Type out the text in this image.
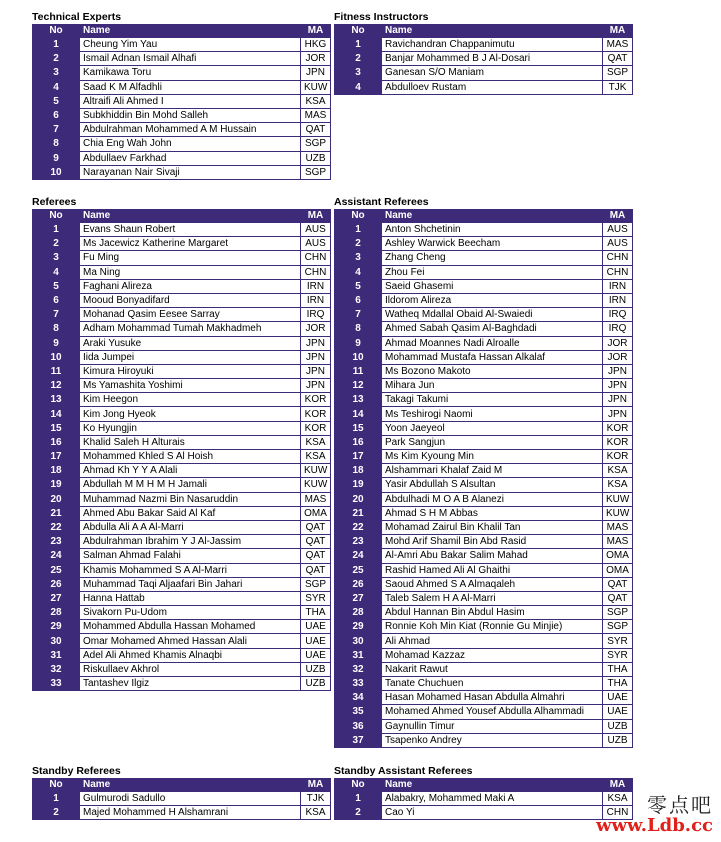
Technical Experts
No	Name	MA
1	Cheung Yim Yau	HKG
2	Ismail Adnan Ismail Alhafi	JOR
3	Kamikawa Toru	JPN
4	Saad K M Alfadhli	KUW
5	Altraifi Ali Ahmed I	KSA
6	Subkhiddin Bin Mohd Salleh	MAS
7	Abdulrahman Mohammed A M Hussain	QAT
8	Chia Eng Wah John	SGP
9	Abdullaev Farkhad	UZB
10	Narayanan Nair Sivaji	SGP
Fitness Instructors
No	Name	MA
1	Ravichandran Chappanimutu	MAS
2	Banjar Mohammed B J Al-Dosari	QAT
3	Ganesan S/O Maniam	SGP
4	Abdulloev Rustam	TJK
Referees
No	Name	MA
1	Evans Shaun Robert	AUS
2	Ms Jacewicz Katherine Margaret	AUS
3	Fu Ming	CHN
4	Ma Ning	CHN
5	Faghani Alireza	IRN
6	Mooud Bonyadifard	IRN
7	Mohanad Qasim Eesee Sarray	IRQ
8	Adham Mohammad Tumah Makhadmeh	JOR
9	Araki Yusuke	JPN
10	Iida Jumpei	JPN
11	Kimura Hiroyuki	JPN
12	Ms Yamashita Yoshimi	JPN
13	Kim Heegon	KOR
14	Kim Jong Hyeok	KOR
15	Ko Hyungjin	KOR
16	Khalid Saleh H Alturais	KSA
17	Mohammed Khled S Al Hoish	KSA
18	Ahmad Kh Y Y A Alali	KUW
19	Abdullah M M H M H Jamali	KUW
20	Muhammad Nazmi Bin Nasaruddin	MAS
21	Ahmed Abu Bakar Said Al Kaf	OMA
22	Abdulla Ali A A Al-Marri	QAT
23	Abdulrahman Ibrahim Y J Al-Jassim	QAT
24	Salman Ahmad Falahi	QAT
25	Khamis Mohammed S A Al-Marri	QAT
26	Muhammad Taqi Aljaafari Bin Jahari	SGP
27	Hanna Hattab	SYR
28	Sivakorn Pu-Udom	THA
29	Mohammed Abdulla Hassan Mohamed	UAE
30	Omar Mohamed Ahmed Hassan Alali	UAE
31	Adel Ali Ahmed Khamis Alnaqbi	UAE
32	Riskullaev Akhrol	UZB
33	Tantashev Ilgiz	UZB
Assistant Referees
No	Name	MA
1	Anton Shchetinin	AUS
2	Ashley Warwick Beecham	AUS
3	Zhang Cheng	CHN
4	Zhou Fei	CHN
5	Saeid Ghasemi	IRN
6	Ildorom Alireza	IRN
7	Watheq Mdallal Obaid Al-Swaiedi	IRQ
8	Ahmed Sabah Qasim Al-Baghdadi	IRQ
9	Ahmad Moannes Nadi Alroalle	JOR
10	Mohammad Mustafa Hassan Alkalaf	JOR
11	Ms Bozono Makoto	JPN
12	Mihara Jun	JPN
13	Takagi Takumi	JPN
14	Ms Teshirogi Naomi	JPN
15	Yoon Jaeyeol	KOR
16	Park Sangjun	KOR
17	Ms Kim Kyoung Min	KOR
18	Alshammari Khalaf Zaid M	KSA
19	Yasir Abdullah S Alsultan	KSA
20	Abdulhadi M O A B Alanezi	KUW
21	Ahmad S H M Abbas	KUW
22	Mohamad Zairul Bin Khalil Tan	MAS
23	Mohd Arif Shamil Bin Abd Rasid	MAS
24	Al-Amri Abu Bakar Salim Mahad	OMA
25	Rashid Hamed Ali Al Ghaithi	OMA
26	Saoud Ahmed S A Almaqaleh	QAT
27	Taleb Salem H A Al-Marri	QAT
28	Abdul Hannan Bin Abdul Hasim	SGP
29	Ronnie Koh Min Kiat (Ronnie Gu Minjie)	SGP
30	Ali Ahmad	SYR
31	Mohamad Kazzaz	SYR
32	Nakarit Rawut	THA
33	Tanate Chuchuen	THA
34	Hasan Mohamed Hasan Abdulla Almahri	UAE
35	Mohamed Ahmed Yousef Abdulla Alhammadi	UAE
36	Gaynullin Timur	UZB
37	Tsapenko Andrey	UZB
Standby Referees
No	Name	MA
1	Gulmurodi Sadullo	TJK
2	Majed Mohammed H Alshamrani	KSA
Standby Assistant Referees
No	Name	MA
1	Alabakry, Mohammed Maki A	KSA
2	Cao Yi	CHN 零点吧
www.Ldb.cc
